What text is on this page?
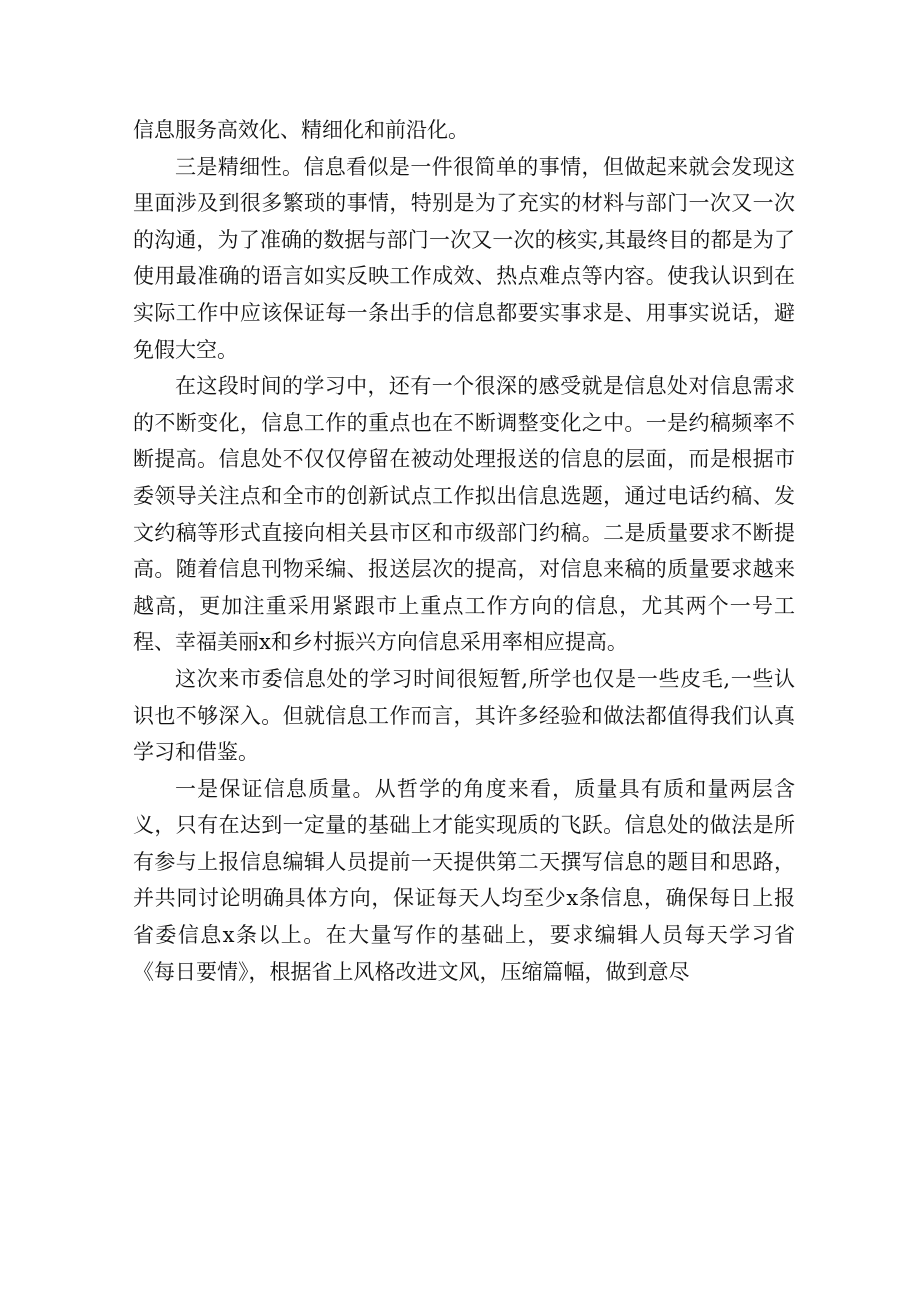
信息服务高效化、精细化和前沿化。

三是精细性。信息看似是一件很简单的事情，但做起来就会发现这里面涉及到很多繁琐的事情，特别是为了充实的材料与部门一次又一次的沟通，为了准确的数据与部门一次又一次的核实,其最终目的都是为了使用最准确的语言如实反映工作成效、热点难点等内容。使我认识到在实际工作中应该保证每一条出手的信息都要实事求是、用事实说话，避免假大空。

在这段时间的学习中，还有一个很深的感受就是信息处对信息需求的不断变化，信息工作的重点也在不断调整变化之中。一是约稿频率不断提高。信息处不仅仅停留在被动处理报送的信息的层面，而是根据市委领导关注点和全市的创新试点工作拟出信息选题，通过电话约稿、发文约稿等形式直接向相关县市区和市级部门约稿。二是质量要求不断提高。随着信息刊物采编、报送层次的提高，对信息来稿的质量要求越来越高，更加注重采用紧跟市上重点工作方向的信息，尤其两个一号工程、幸福美丽x和乡村振兴方向信息采用率相应提高。

这次来市委信息处的学习时间很短暂,所学也仅是一些皮毛,一些认识也不够深入。但就信息工作而言，其许多经验和做法都值得我们认真学习和借鉴。

一是保证信息质量。从哲学的角度来看，质量具有质和量两层含义，只有在达到一定量的基础上才能实现质的飞跃。信息处的做法是所有参与上报信息编辑人员提前一天提供第二天撰写信息的题目和思路，并共同讨论明确具体方向，保证每天人均至少x条信息，确保每日上报省委信息x条以上。在大量写作的基础上，要求编辑人员每天学习省《每日要情》，根据省上风格改进文风，压缩篇幅，做到意尽
